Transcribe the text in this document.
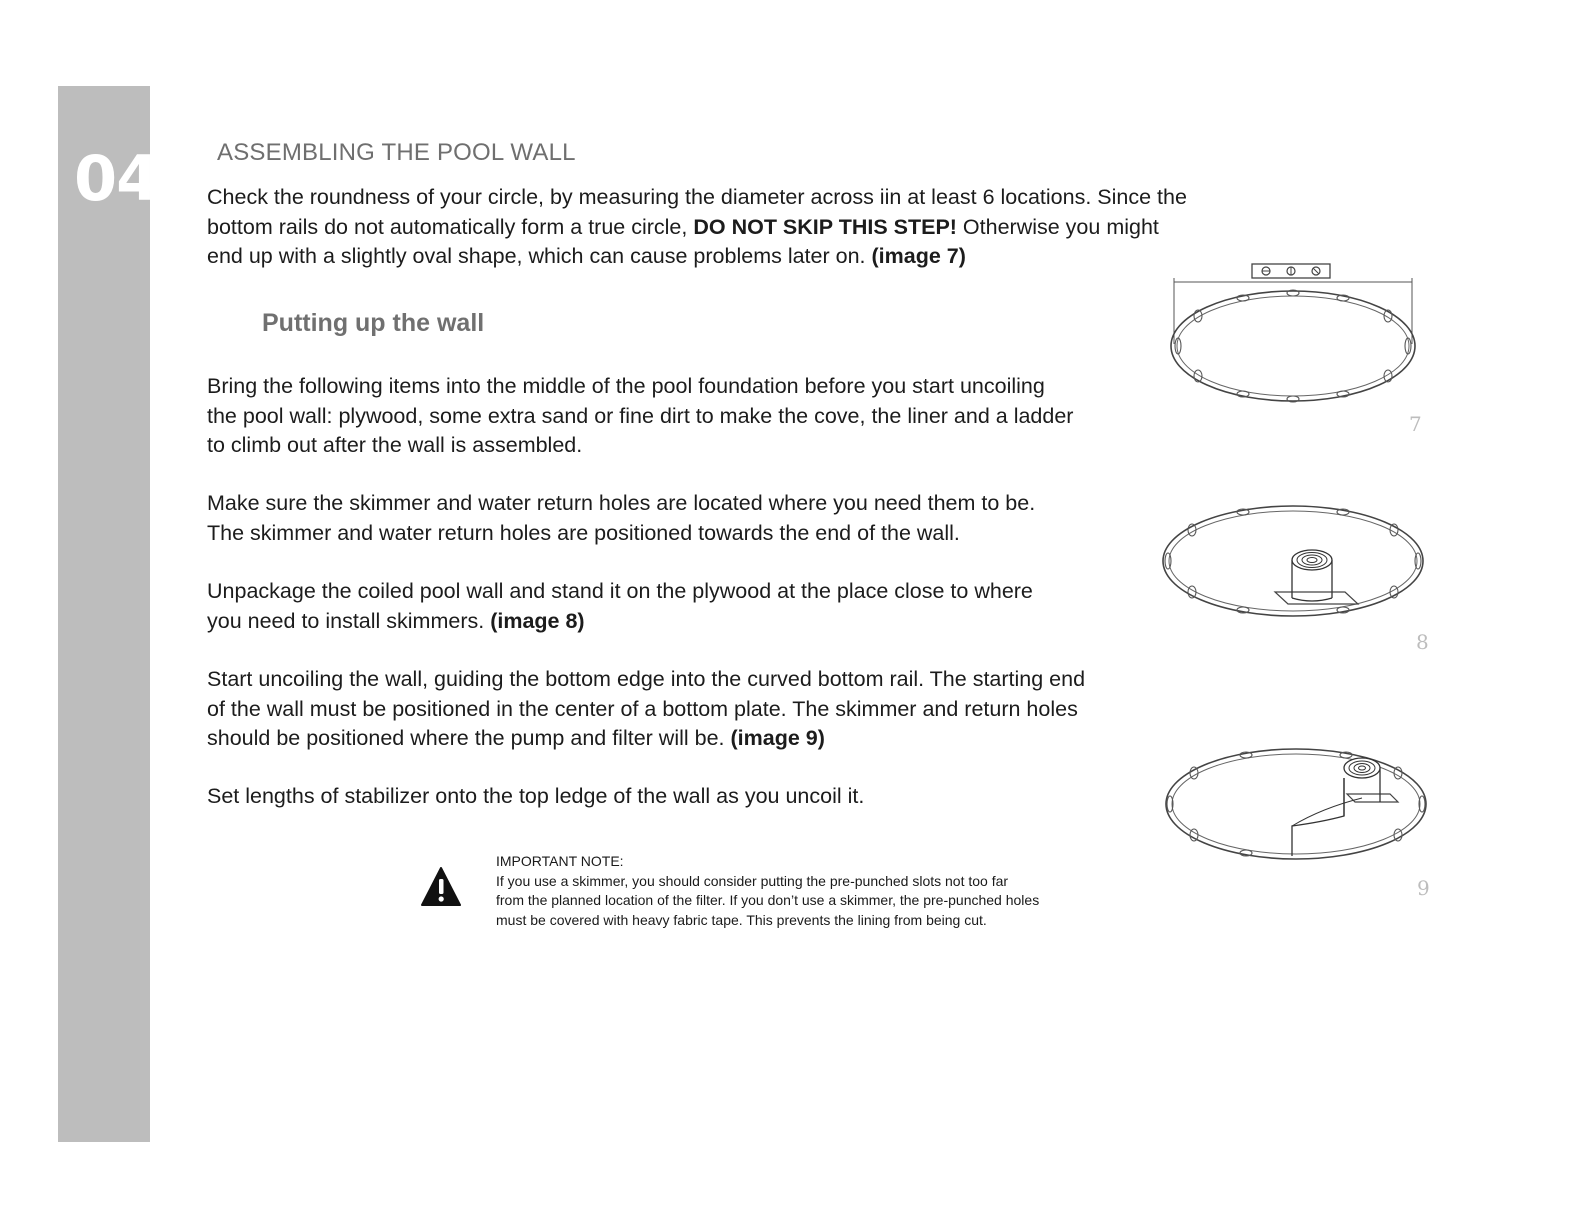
04 ASSEMBLING THE POOL WALL

Check the roundness of your circle, by measuring the diameter across iin at least 6 locations. Since the
bottom rails do not automatically form a true circle, DO NOT SKIP THIS STEP! Otherwise you might
end up with a slightly oval shape, which can cause problems later on. (image 7)

Putting up the wall

Bring the following items into the middle of the pool foundation before you start uncoiling
the pool wall: plywood, some extra sand or fine dirt to make the cove, the liner and a ladder
to climb out after the wall is assembled.

Make sure the skimmer and water return holes are located where you need them to be.
The skimmer and water return holes are positioned towards the end of the wall.

Unpackage the coiled pool wall and stand it on the plywood at the place close to where
you need to install skimmers. (image 8)

Start uncoiling the wall, guiding the bottom edge into the curved bottom rail. The starting end
of the wall must be positioned in the center of a bottom plate. The skimmer and return holes
should be positioned where the pump and filter will be. (image 9)

Set lengths of stabilizer onto the top ledge of the wall as you uncoil it.

IMPORTANT NOTE:
If you use a skimmer, you should consider putting the pre-punched slots not too far
from the planned location of the filter. If you don’t use a skimmer, the pre-punched holes
must be covered with heavy fabric tape. This prevents the lining from being cut.

7
8
9
